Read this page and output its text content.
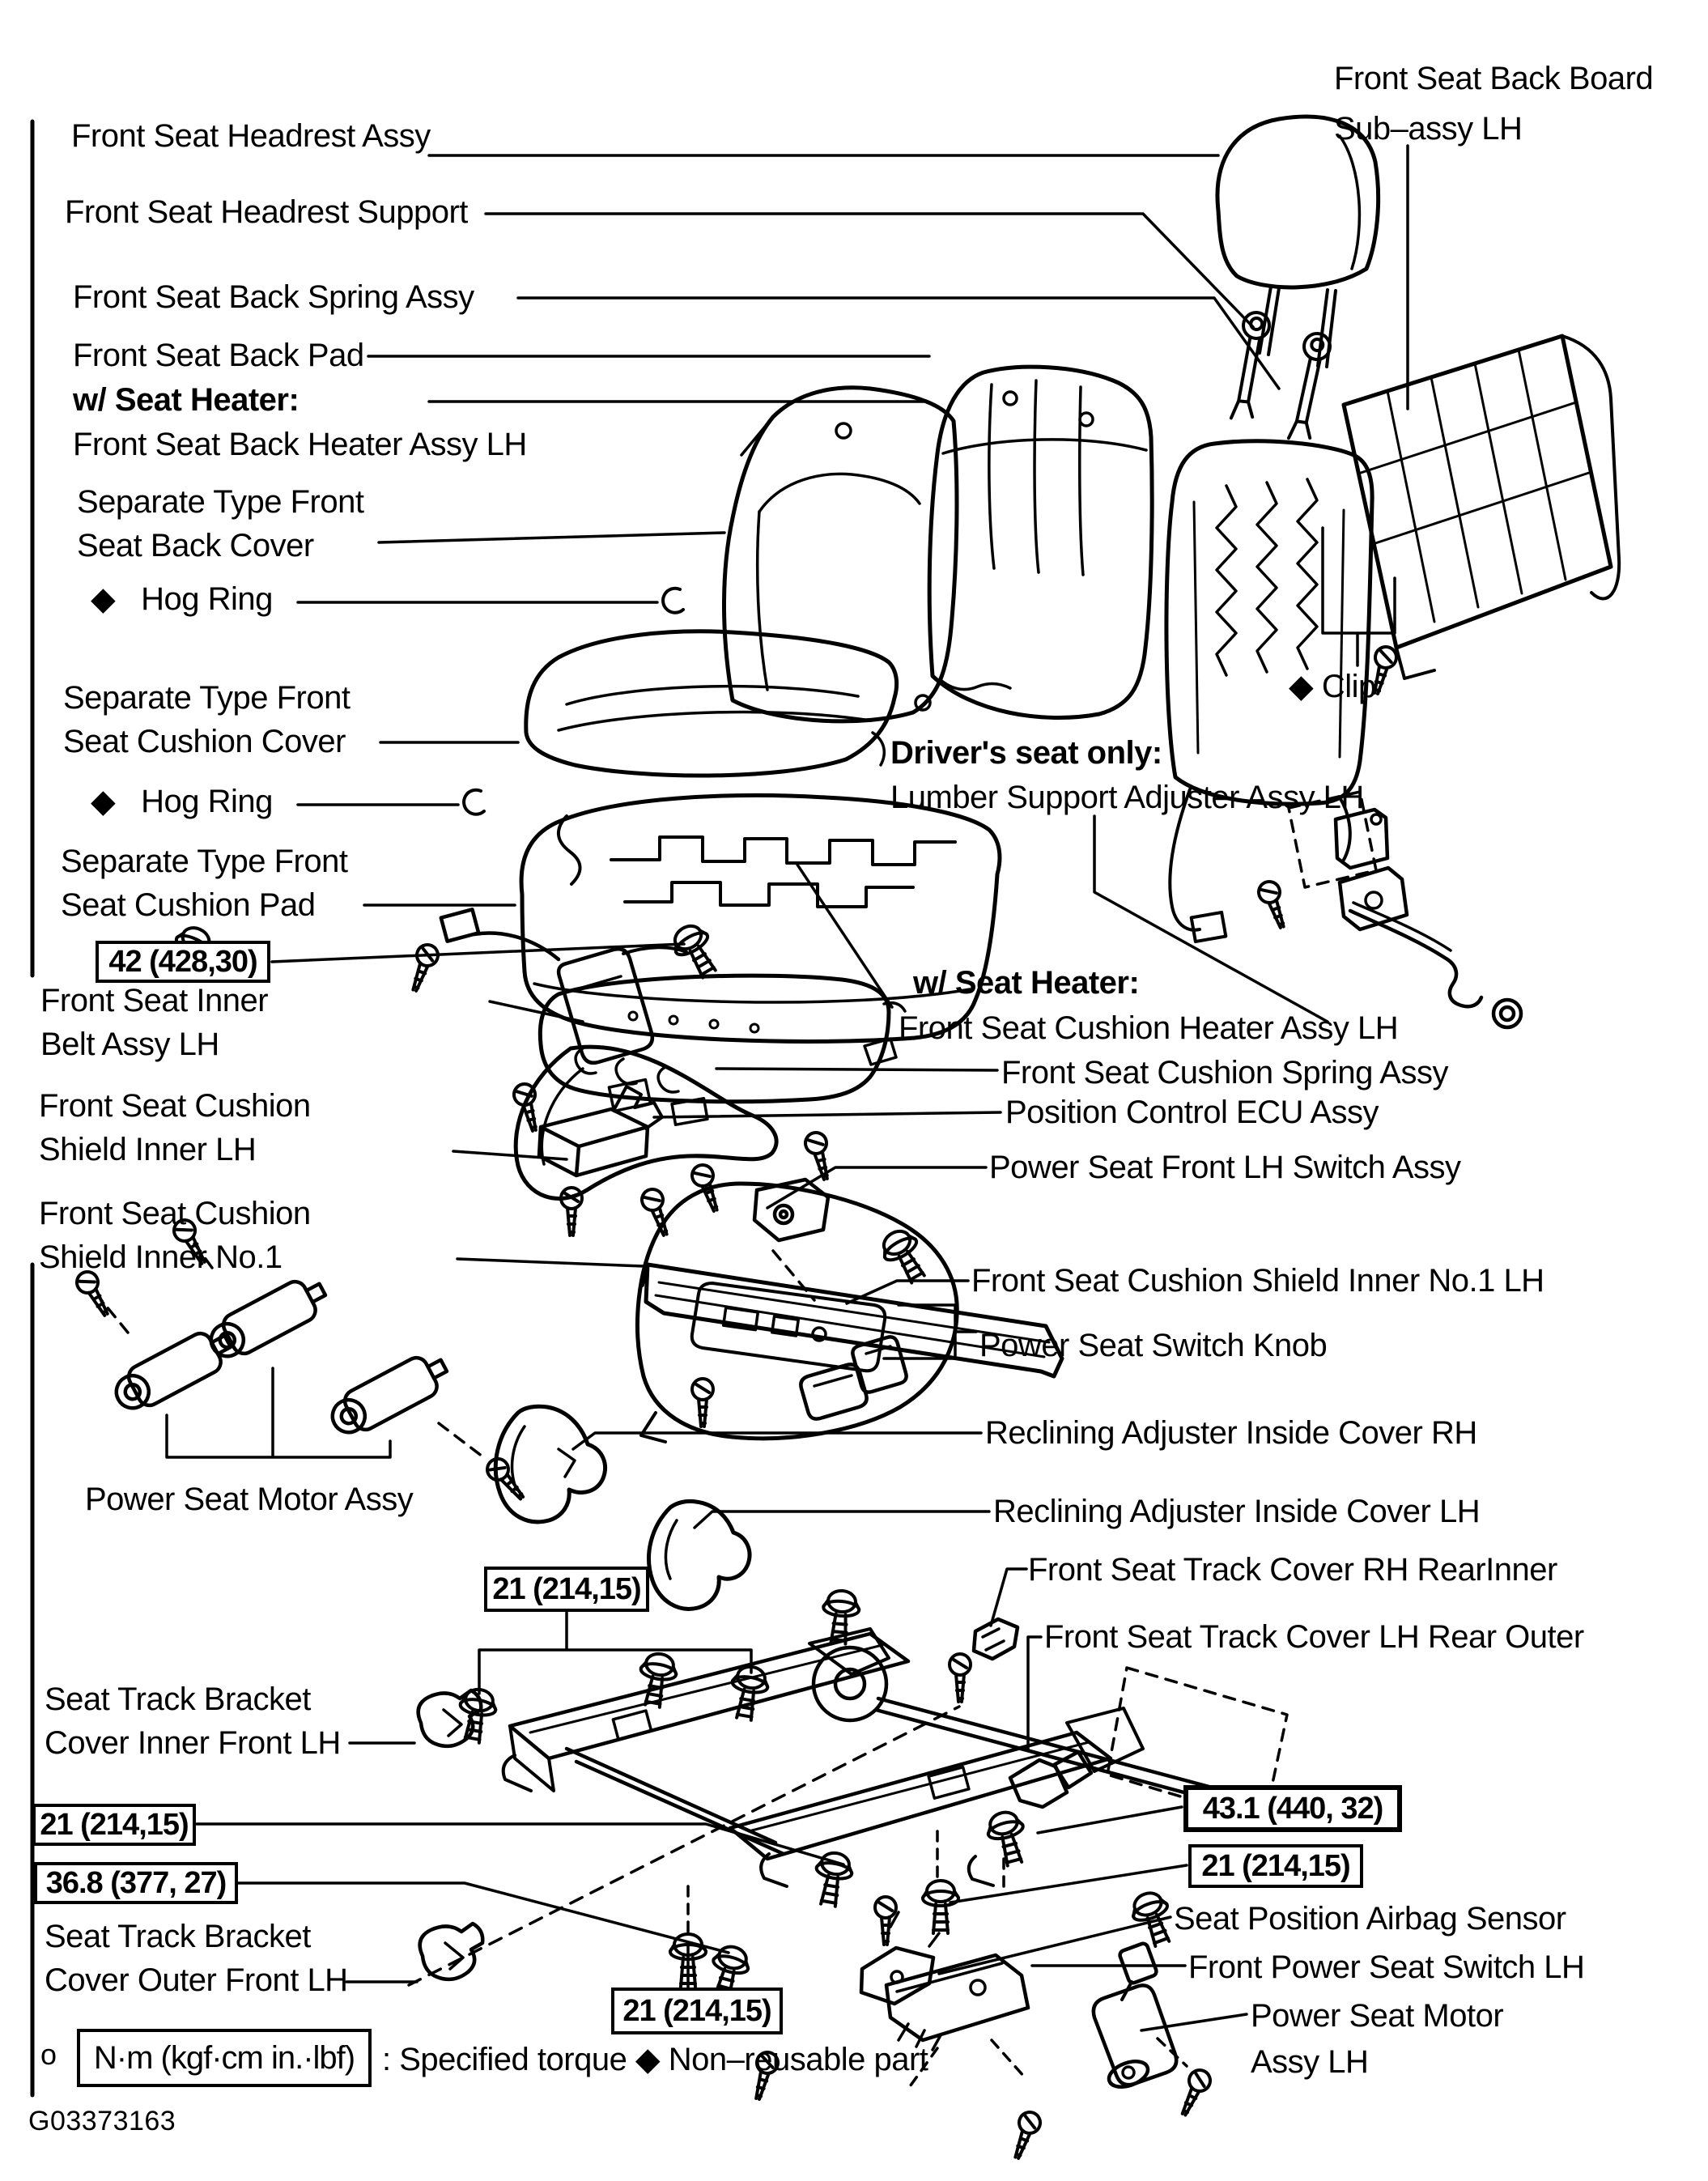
Front Seat Headrest Assy
Front Seat Headrest Support
Front Seat Back Spring Assy
Front Seat Back Pad
w/ Seat Heater:
Front Seat Back Heater Assy LH
Separate Type Front
Seat Back Cover
◆   Hog Ring
Separate Type Front
Seat Cushion Cover
◆   Hog Ring
Separate Type Front
Seat Cushion Pad
Front Seat Inner
Belt Assy LH
Front Seat Cushion
Shield Inner LH
Front Seat Cushion
Shield Inner No.1
Power Seat Motor Assy
Seat Track Bracket
Cover Inner Front LH
Seat Track Bracket
Cover Outer Front LH
Front Seat Back Board
Sub–assy LH
◆ Clip
Driver's seat only:
Lumber Support Adjuster Assy LH
w/ Seat Heater:
Front Seat Cushion Heater Assy LH
Front Seat Cushion Spring Assy
Position Control ECU Assy
Power Seat Front LH Switch Assy
Front Seat Cushion Shield Inner No.1 LH
Power Seat Switch Knob
Reclining Adjuster Inside Cover RH
Reclining Adjuster Inside Cover LH
Front Seat Track Cover RH RearInner
Front Seat Track Cover LH Rear Outer
Seat Position Airbag Sensor
Front Power Seat Switch LH
Power Seat Motor
Assy LH
42 (428,30)
21 (214,15)
21 (214,15)
36.8 (377, 27)
43.1 (440, 32)
21 (214,15)
21 (214,15)
o	N·m (kgf·cm in.·lbf) : Specified torque ◆ Non–reusable part
G03373163
